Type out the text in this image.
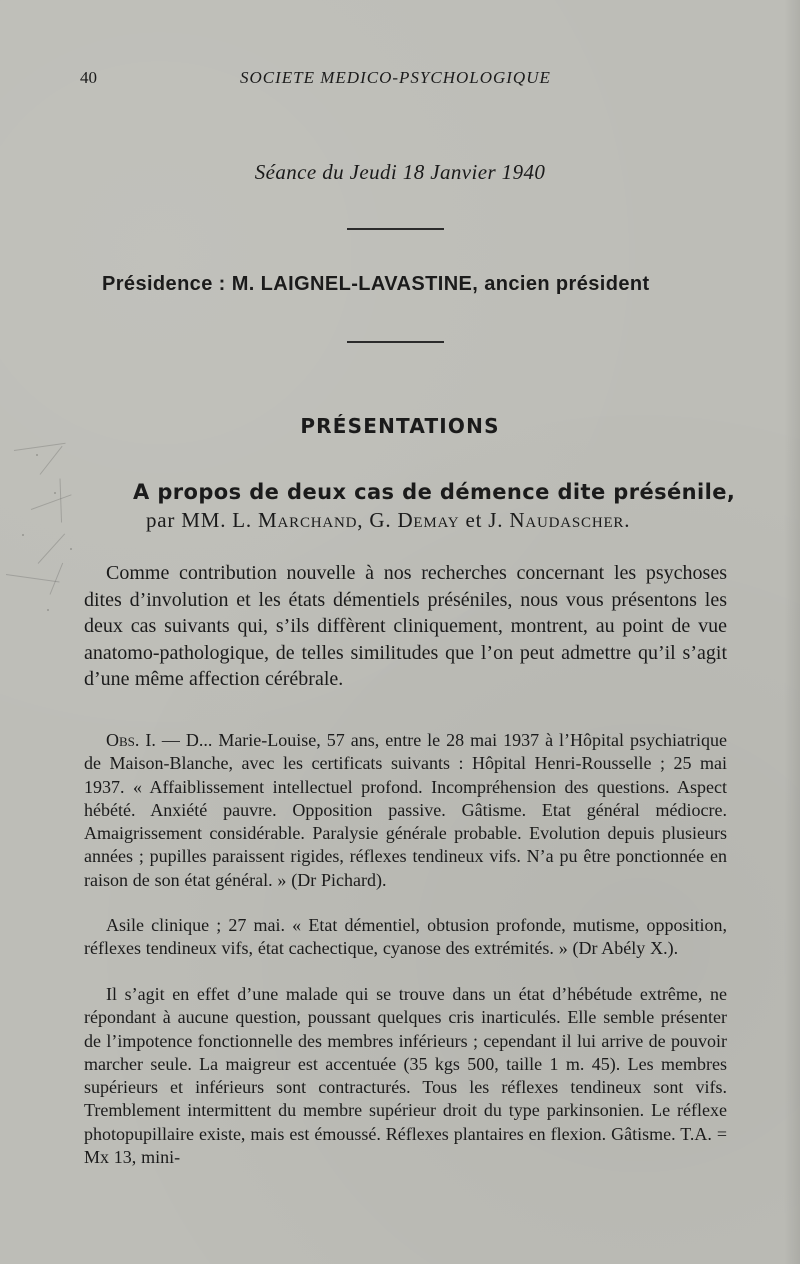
40	SOCIETE MEDICO-PSYCHOLOGIQUE
Séance du Jeudi 18 Janvier 1940
Présidence : M. LAIGNEL-LAVASTINE, ancien président
PRÉSENTATIONS
A propos de deux cas de démence dite présénile,
par MM. L. Marchand, G. Demay et J. Naudascher.
Comme contribution nouvelle à nos recherches concernant les psychoses dites d’involution et les états démentiels préséniles, nous vous présentons les deux cas suivants qui, s’ils diffèrent cliniquement, montrent, au point de vue anatomo-pathologique, de telles similitudes que l’on peut admettre qu’il s’agit d’une même affection cérébrale.
Obs. I. — D... Marie-Louise, 57 ans, entre le 28 mai 1937 à l’Hôpital psychiatrique de Maison-Blanche, avec les certificats suivants : Hôpital Henri-Rousselle ; 25 mai 1937. « Affaiblissement intellectuel profond. Incompréhension des questions. Aspect hébété. Anxiété pauvre. Opposition passive. Gâtisme. Etat général médiocre. Amaigrissement considérable. Paralysie générale probable. Evolution depuis plusieurs années ; pupilles paraissent rigides, réflexes tendineux vifs. N’a pu être ponctionnée en raison de son état général. » (Dr Pichard).
Asile clinique ; 27 mai. « Etat démentiel, obtusion profonde, mutisme, opposition, réflexes tendineux vifs, état cachectique, cyanose des extrémités. » (Dr Abély X.).
Il s’agit en effet d’une malade qui se trouve dans un état d’hébétude extrême, ne répondant à aucune question, poussant quelques cris inarticulés. Elle semble présenter de l’impotence fonctionnelle des membres inférieurs ; cependant il lui arrive de pouvoir marcher seule. La maigreur est accentuée (35 kgs 500, taille 1 m. 45). Les membres supérieurs et inférieurs sont contracturés. Tous les réflexes tendineux sont vifs. Tremblement intermittent du membre supérieur droit du type parkinsonien. Le réflexe photopupillaire existe, mais est émoussé. Réflexes plantaires en flexion. Gâtisme. T.A. = Mx 13, mini-
